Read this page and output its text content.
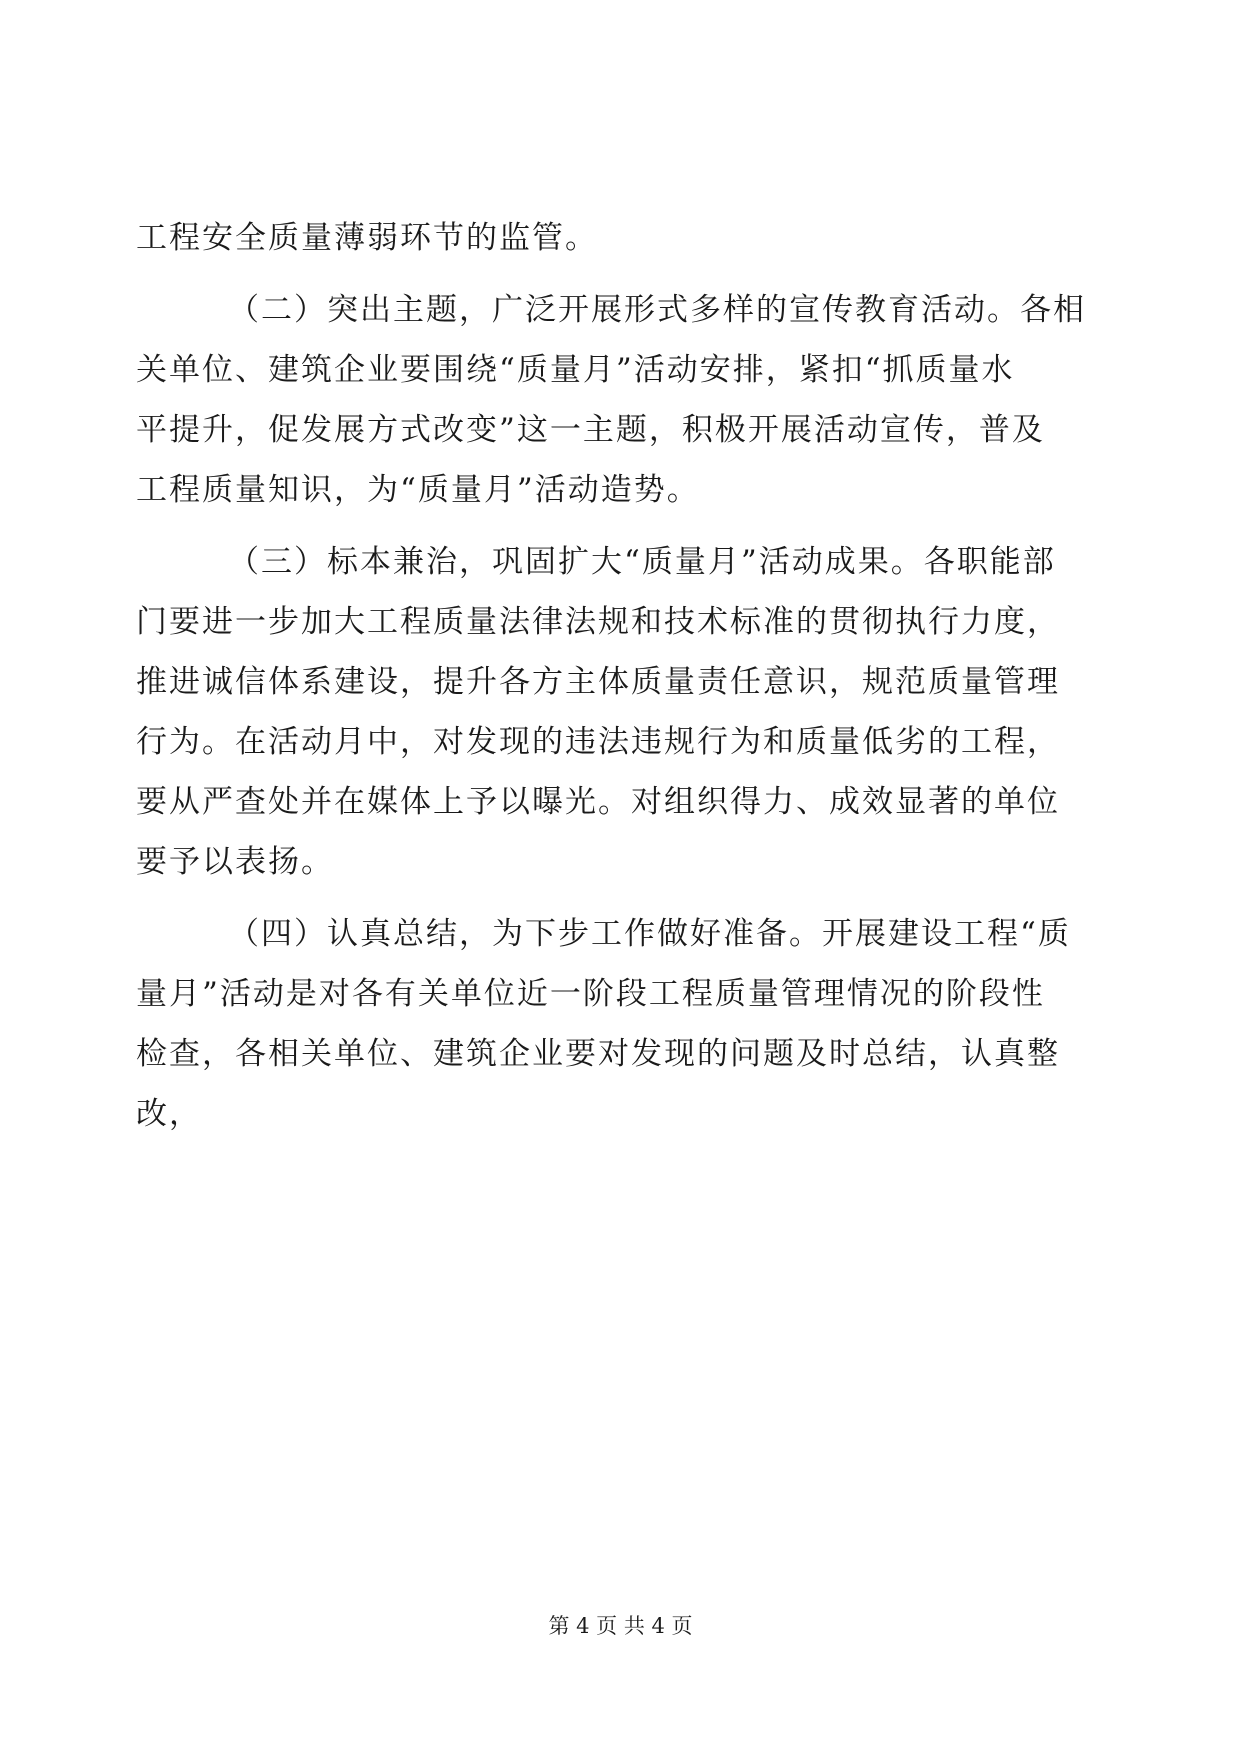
工程安全质量薄弱环节的监管。
（二）突出主题，广泛开展形式多样的宣传教育活动。各相
关单位、建筑企业要围绕“质量月”活动安排，紧扣“抓质量水
平提升，促发展方式改变”这一主题，积极开展活动宣传，普及
工程质量知识，为“质量月”活动造势。
（三）标本兼治，巩固扩大“质量月”活动成果。各职能部
门要进一步加大工程质量法律法规和技术标准的贯彻执行力度，
推进诚信体系建设，提升各方主体质量责任意识，规范质量管理
行为。在活动月中，对发现的违法违规行为和质量低劣的工程，
要从严查处并在媒体上予以曝光。对组织得力、成效显著的单位
要予以表扬。
（四）认真总结，为下步工作做好准备。开展建设工程“质
量月”活动是对各有关单位近一阶段工程质量管理情况的阶段性
检查，各相关单位、建筑企业要对发现的问题及时总结，认真整
改，
第 4 页 共 4 页
